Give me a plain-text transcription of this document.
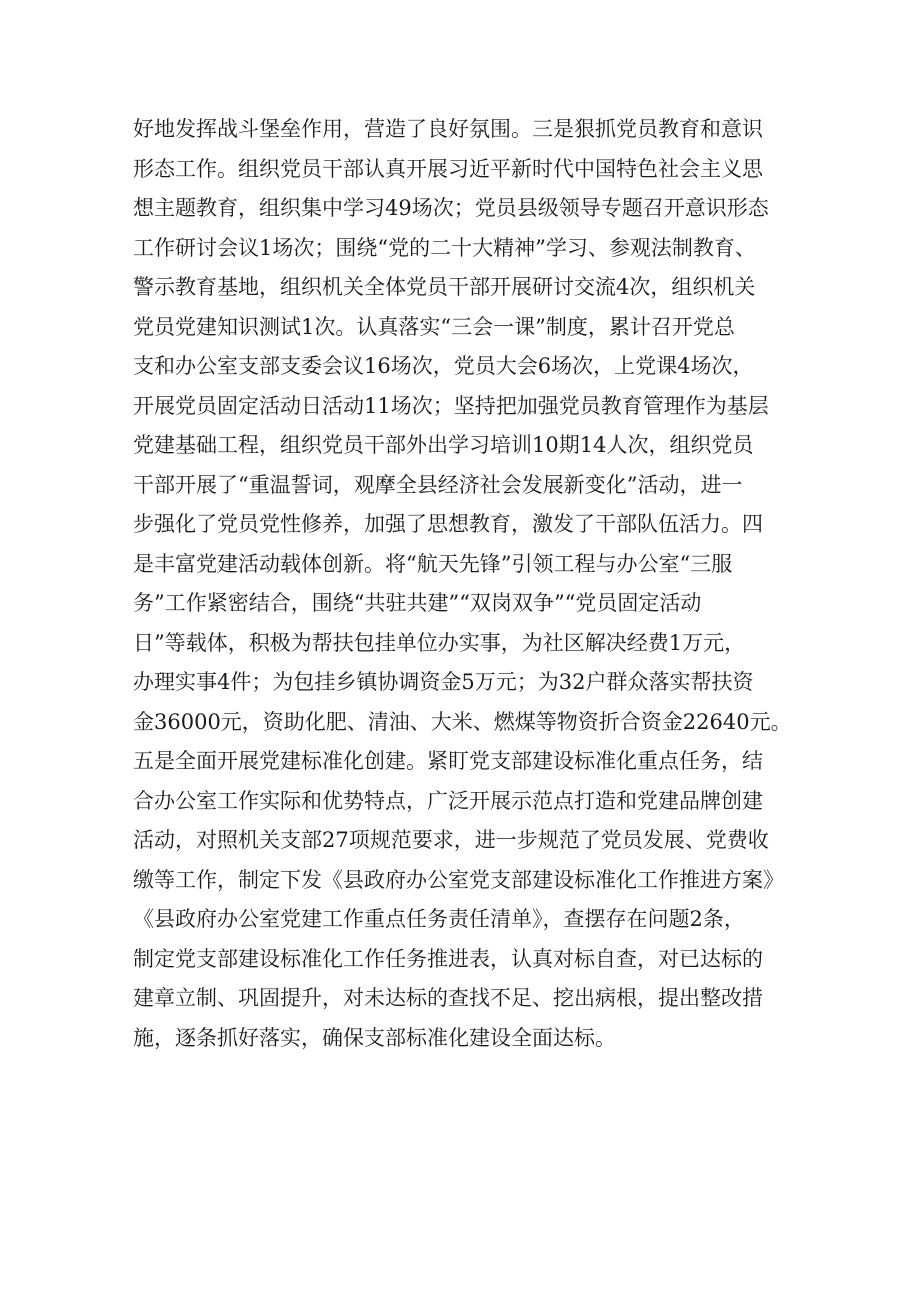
好地发挥战斗堡垒作用，营造了良好氛围。三是狠抓党员教育和意识
形态工作。组织党员干部认真开展习近平新时代中国特色社会主义思
想主题教育，组织集中学习49场次；党员县级领导专题召开意识形态
工作研讨会议1场次；围绕“党的二十大精神”学习、参观法制教育、
警示教育基地，组织机关全体党员干部开展研讨交流4次，组织机关
党员党建知识测试1次。认真落实“三会一课”制度，累计召开党总
支和办公室支部支委会议16场次，党员大会6场次，上党课4场次，
开展党员固定活动日活动11场次；坚持把加强党员教育管理作为基层
党建基础工程，组织党员干部外出学习培训10期14人次，组织党员
干部开展了“重温誓词，观摩全县经济社会发展新变化”活动，进一
步强化了党员党性修养，加强了思想教育，激发了干部队伍活力。四
是丰富党建活动载体创新。将“航天先锋”引领工程与办公室“三服
务”工作紧密结合，围绕“共驻共建”“双岗双争”“党员固定活动
日”等载体，积极为帮扶包挂单位办实事，为社区解决经费1万元，
办理实事4件；为包挂乡镇协调资金5万元；为32户群众落实帮扶资
金36000元，资助化肥、清油、大米、燃煤等物资折合资金22640元。
五是全面开展党建标准化创建。紧盯党支部建设标准化重点任务，结
合办公室工作实际和优势特点，广泛开展示范点打造和党建品牌创建
活动，对照机关支部27项规范要求，进一步规范了党员发展、党费收
缴等工作，制定下发《县政府办公室党支部建设标准化工作推进方案》
《县政府办公室党建工作重点任务责任清单》，查摆存在问题2条，
制定党支部建设标准化工作任务推进表，认真对标自查，对已达标的
建章立制、巩固提升，对未达标的查找不足、挖出病根，提出整改措
施，逐条抓好落实，确保支部标准化建设全面达标。
